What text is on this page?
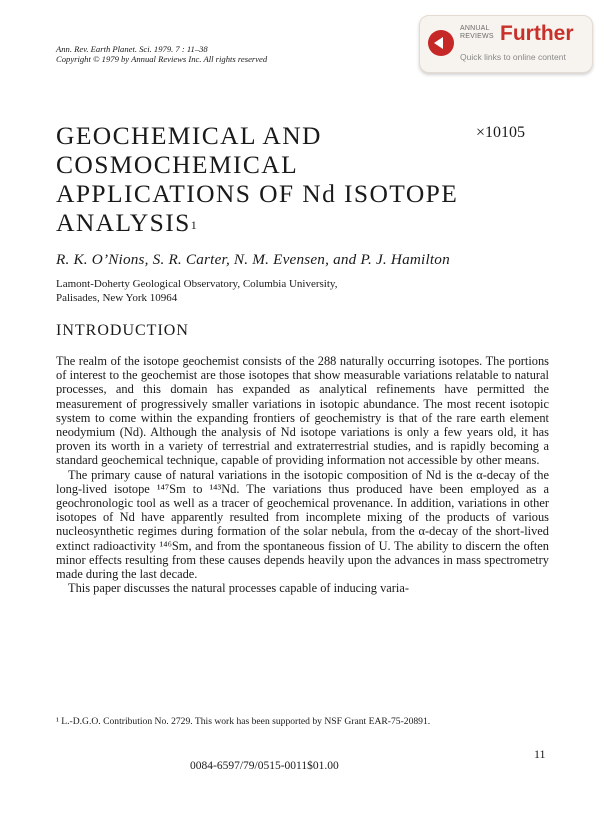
Ann. Rev. Earth Planet. Sci. 1979. 7 : 11–38
Copyright © 1979 by Annual Reviews Inc. All rights reserved
ANNUAL
REVIEWS Further
Quick links to online content
GEOCHEMICAL AND
COSMOCHEMICAL
APPLICATIONS OF Nd ISOTOPE
$ANALYSIS^1$
×10105
R. K. O’Nions, S. R. Carter, N. M. Evensen, and P. J. Hamilton
Lamont-Doherty Geological Observatory, Columbia University,
Palisades, New York 10964
INTRODUCTION

The realm of the isotope geochemist consists of the 288 naturally occurring isotopes. The portions of interest to the geochemist are those isotopes that show measurable variations relatable to natural processes, and this domain has expanded as analytical refinements have permitted the measurement of progressively smaller variations in isotopic abundance. The most recent isotopic system to come within the expanding frontiers of geochemistry is that of the rare earth element neodymium (Nd). Although the analysis of Nd isotope variations is only a few years old, it has proven its worth in a variety of terrestrial and extraterrestrial studies, and is rapidly becoming a standard geochemical technique, capable of providing information not accessible by other means.

The primary cause of natural variations in the isotopic composition of Nd is the α-decay of the long-lived isotope ¹⁴⁷Sm to ¹⁴³Nd. The variations thus produced have been employed as a geochronologic tool as well as a tracer of geochemical provenance. In addition, variations in other isotopes of Nd have apparently resulted from incomplete mixing of the products of various nucleosynthetic regimes during formation of the solar nebula, from the α-decay of the short-lived extinct radioactivity ¹⁴⁶Sm, and from the spontaneous fission of U. The ability to discern the often minor effects resulting from these causes depends heavily upon the advances in mass spectrometry made during the last decade.

This paper discusses the natural processes capable of inducing varia-

¹ L.-D.G.O. Contribution No. 2729. This work has been supported by NSF Grant EAR-75-20891.
11
0084-6597/79/0515-0011$01.00
